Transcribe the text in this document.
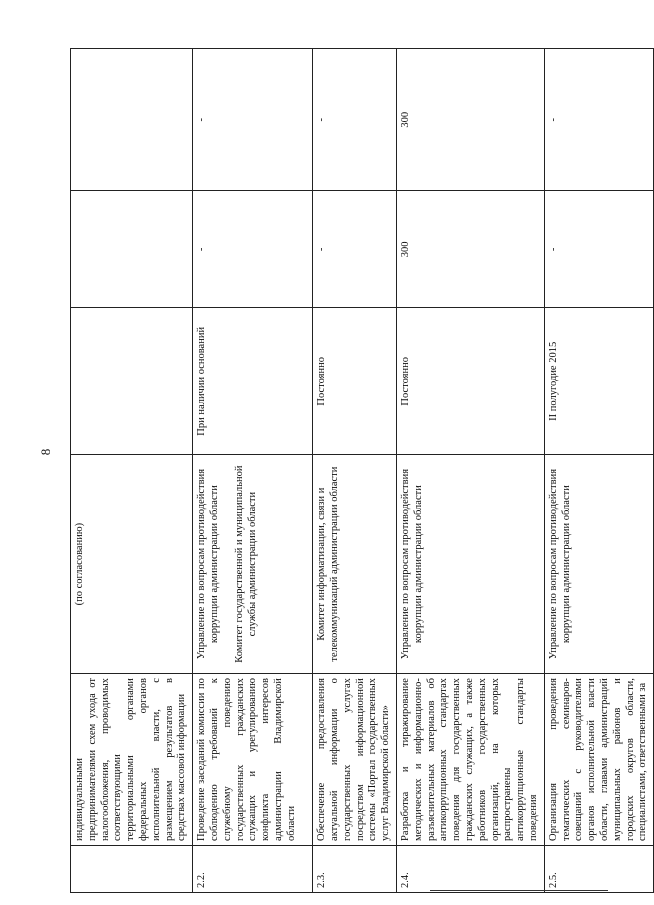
8
	индивидуальными предпринимателями схем ухода от налогообложения, проводимых соответствующими территориальными органами федеральных органов исполнительной власти, с размещением результатов в средствах массовой информации	(по согласованию)			

2.2.	Проведение заседаний комиссии по соблюдению требований к служебному поведению государственных гражданских служащих и урегулированию конфликта интересов администрации Владимирской области	Управление по вопросам противодействия коррупции администрации области Комитет государственной и муниципальной службы администрации области	При наличии оснований	-	-
2.3.	Обеспечение предоставления актуальной информации о государственных услугах посредством информационной системы «Портал государственных услуг Владимирской области»	Комитет информатизации, связи и телекоммуникаций администрации области	Постоянно	-	-
2.4.	Разработка и тиражирование методических и информационно-разъяснительных материалов об антикоррупционных стандартах поведения для государственных гражданских служащих, а также работников государственных организаций, на которых распространены антикоррупционные стандарты поведения	Управление по вопросам противодействия коррупции администрации области	Постоянно	300	300
2.5.	Организация проведения тематических семинаров-совещаний с руководителями органов исполнительной власти области, главами администраций муниципальных районов и городских округов области, специалистами, ответственными за	Управление по вопросам противодействия коррупции администрации области	II полугодие 2015	-	-
